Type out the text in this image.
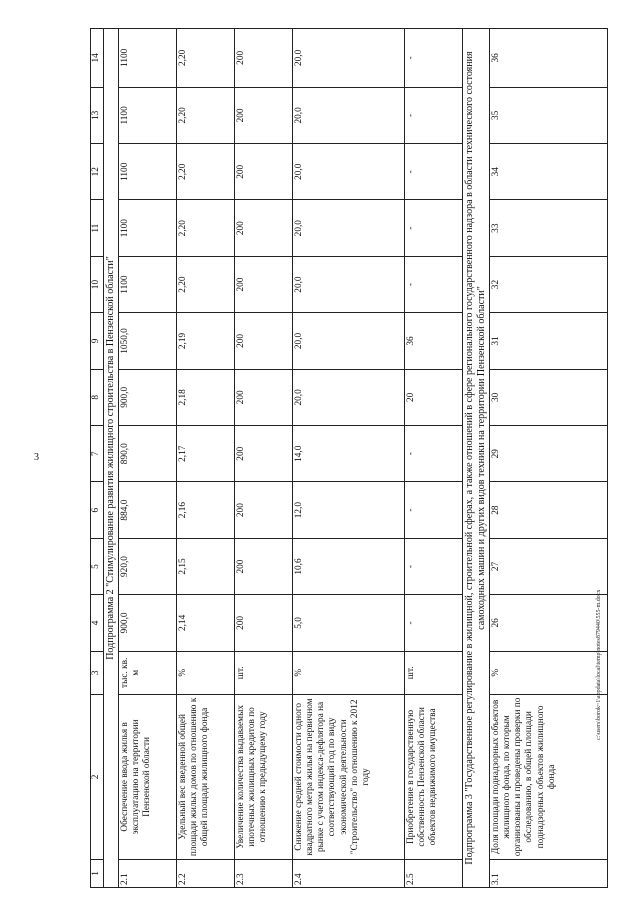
3
c:\users\borok~1\appdata\local\temp\notes879440\555-m.docx
1	2	3	4	5	6	7	8	9	10	11	12	13	14
Подпрограмма 2 "Стимулирование развития жилищного строительства в Пензенской области"													
2.1	Обеспечение ввода жилья в эксплуатацию на территории Пензенской области	тыс. кв. м	900,0	920,0	884,0	890,0	900,0	1050,0	1100	1100	1100	1100	1100
2.2	Удельный вес введенной общей площади жилых домов по отношению к общей площади жилищного фонда	%	2,14	2,15	2,16	2,17	2,18	2,19	2,20	2,20	2,20	2,20	2,20
2.3	Увеличение количества выдаваемых ипотечных жилищных кредитов по отношению к предыдущему году	шт.	200	200	200	200	200	200	200	200	200	200	200
2.4	Снижение средней стоимости одного квадратного метра жилья на первичном рынке с учетом индекса-дефлятора на соответствующий год по виду экономической деятельности "Строительство" по отношению к 2012 году	%	5,0	10,6	12,0	14,0	20,0	20,0	20,0	20,0	20,0	20,0	20,0
2.5	Приобретение в государственную собственность Пензенской области объектов недвижимого имущества	шт.	-	-	-	-	20	36	-	-	-	-	-
Подпрограмма 3 "Государственное регулирование в жилищной, строительной сферах, а также отношений в сфере регионального государственного надзора в области технического состояния самоходных машин и других видов техники на территории Пензенской области"													
3.1	Доля площади поднадзорных объектов жилищного фонда, по которым организованы и проведены проверки по обследованию, в общей площади поднадзорных объектов жилищного фонда	%	26	27	28	29	30	31	32	33	34	35	36
